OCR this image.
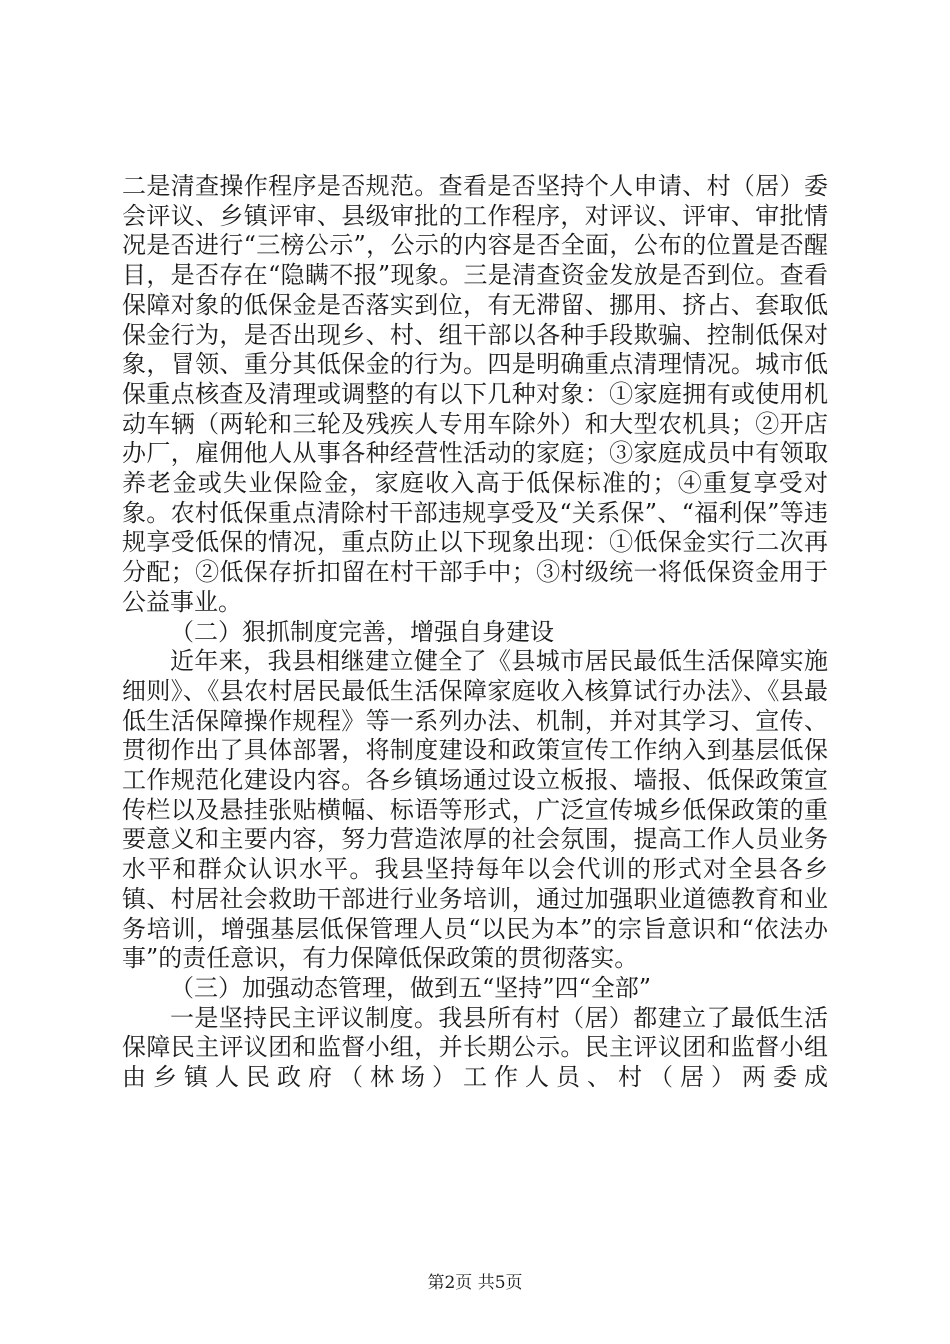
二是清查操作程序是否规范。查看是否坚持个人申请、村（居）委会评议、乡镇评审、县级审批的工作程序，对评议、评审、审批情况是否进行“三榜公示”，公示的内容是否全面，公布的位置是否醒目，是否存在“隐瞒不报”现象。三是清查资金发放是否到位。查看保障对象的低保金是否落实到位，有无滞留、挪用、挤占、套取低保金行为，是否出现乡、村、组干部以各种手段欺骗、控制低保对象，冒领、重分其低保金的行为。四是明确重点清理情况。城市低保重点核查及清理或调整的有以下几种对象：①家庭拥有或使用机动车辆（两轮和三轮及残疾人专用车除外）和大型农机具；②开店办厂，雇佣他人从事各种经营性活动的家庭；③家庭成员中有领取养老金或失业保险金，家庭收入高于低保标准的；④重复享受对象。农村低保重点清除村干部违规享受及“关系保”、“福利保”等违规享受低保的情况，重点防止以下现象出现：①低保金实行二次再分配；②低保存折扣留在村干部手中；③村级统一将低保资金用于公益事业。

（二）狠抓制度完善，增强自身建设

近年来，我县相继建立健全了《县城市居民最低生活保障实施细则》、《县农村居民最低生活保障家庭收入核算试行办法》、《县最低生活保障操作规程》等一系列办法、机制，并对其学习、宣传、贯彻作出了具体部署，将制度建设和政策宣传工作纳入到基层低保工作规范化建设内容。各乡镇场通过设立板报、墙报、低保政策宣传栏以及悬挂张贴横幅、标语等形式，广泛宣传城乡低保政策的重要意义和主要内容，努力营造浓厚的社会氛围，提高工作人员业务水平和群众认识水平。我县坚持每年以会代训的形式对全县各乡镇、村居社会救助干部进行业务培训，通过加强职业道德教育和业务培训，增强基层低保管理人员“以民为本”的宗旨意识和“依法办事”的责任意识，有力保障低保政策的贯彻落实。

（三）加强动态管理，做到五“坚持”四“全部”

一是坚持民主评议制度。我县所有村（居）都建立了最低生活保障民主评议团和监督小组，并长期公示。民主评议团和监督小组由乡镇人民政府（林场）工作人员、村（居）两委成

第2页 共5页
